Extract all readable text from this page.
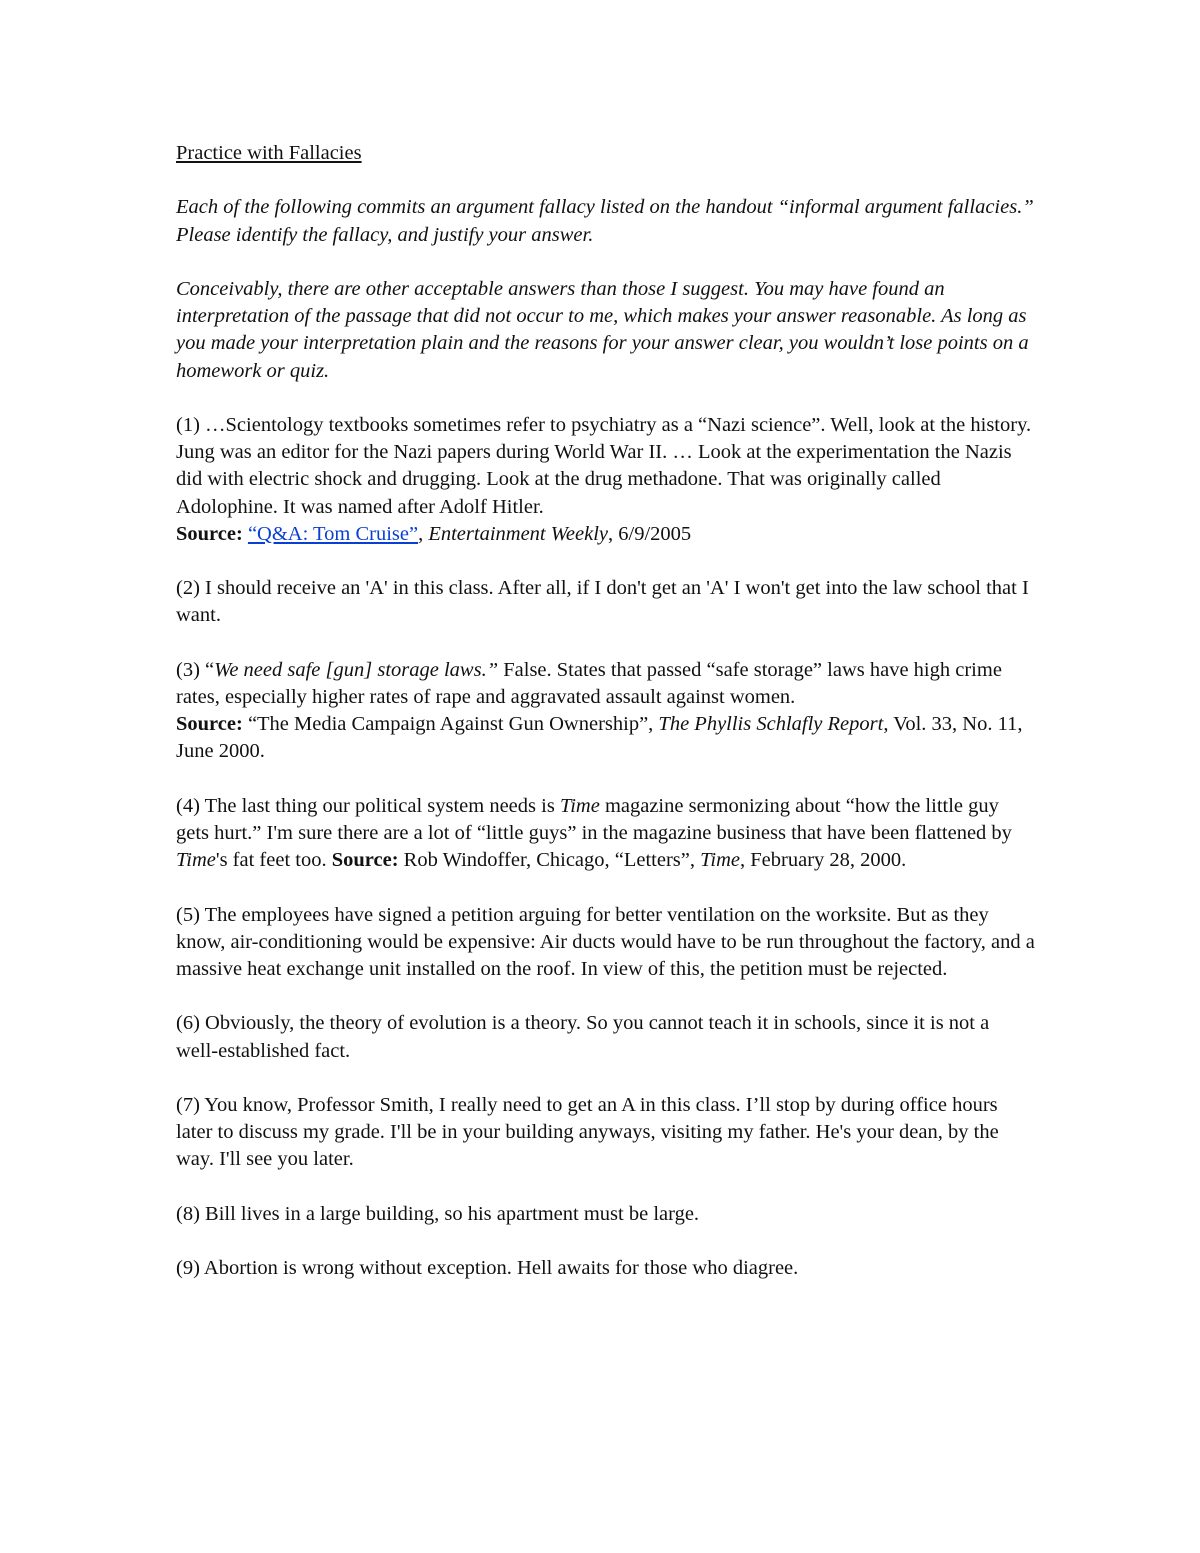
Practice with Fallacies

Each of the following commits an argument fallacy listed on the handout “informal argument fallacies.” Please identify the fallacy, and justify your answer.

Conceivably, there are other acceptable answers than those I suggest. You may have found an interpretation of the passage that did not occur to me, which makes your answer reasonable. As long as you made your interpretation plain and the reasons for your answer clear, you wouldn’t lose points on a homework or quiz.

(1) …Scientology textbooks sometimes refer to psychiatry as a “Nazi science”. Well, look at the history. Jung was an editor for the Nazi papers during World War II. … Look at the experimentation the Nazis did with electric shock and drugging. Look at the drug methadone. That was originally called Adolophine. It was named after Adolf Hitler.
Source: “Q&A: Tom Cruise”, Entertainment Weekly, 6/9/2005

(2) I should receive an 'A' in this class. After all, if I don't get an 'A' I won't get into the law school that I want.

(3) “We need safe [gun] storage laws.” False. States that passed “safe storage” laws have high crime rates, especially higher rates of rape and aggravated assault against women.
Source: “The Media Campaign Against Gun Ownership”, The Phyllis Schlafly Report, Vol. 33, No. 11, June 2000.

(4) The last thing our political system needs is Time magazine sermonizing about “how the little guy gets hurt.” I'm sure there are a lot of “little guys” in the magazine business that have been flattened by Time's fat feet too. Source: Rob Windoffer, Chicago, “Letters”, Time, February 28, 2000.

(5) The employees have signed a petition arguing for better ventilation on the worksite. But as they know, air-conditioning would be expensive: Air ducts would have to be run throughout the factory, and a massive heat exchange unit installed on the roof. In view of this, the petition must be rejected.

(6) Obviously, the theory of evolution is a theory. So you cannot teach it in schools, since it is not a well-established fact.

(7) You know, Professor Smith, I really need to get an A in this class. I’ll stop by during office hours later to discuss my grade. I'll be in your building anyways, visiting my father. He's your dean, by the way. I'll see you later.

(8) Bill lives in a large building, so his apartment must be large.

(9) Abortion is wrong without exception. Hell awaits for those who diagree.
